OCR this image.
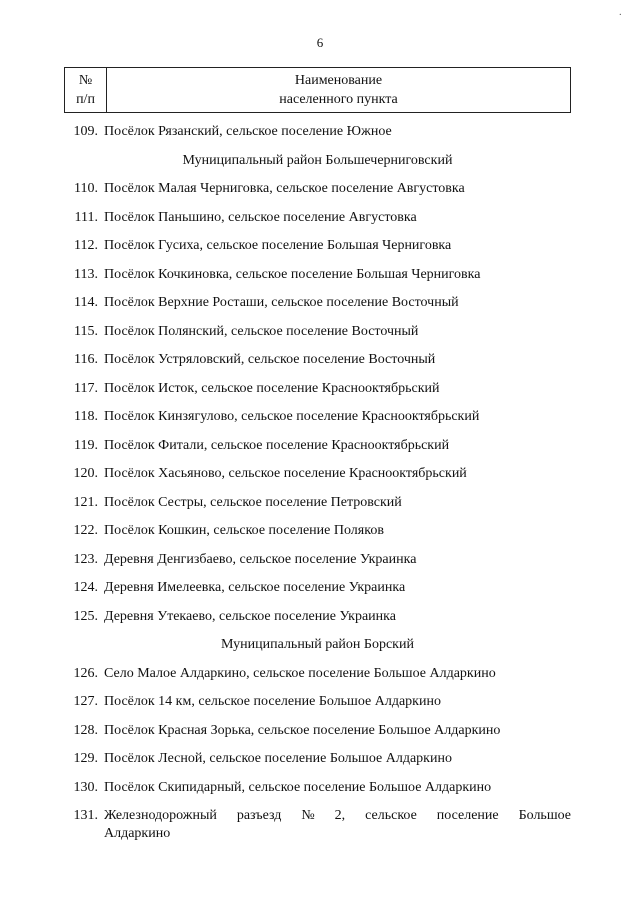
·
6
№
п/п
Наименование
населенного пункта
109. Посёлок Рязанский, сельское поселение Южное
Муниципальный район Большечерниговский
110. Посёлок Малая Черниговка, сельское поселение Августовка
111. Посёлок Паньшино, сельское поселение Августовка
112. Посёлок Гусиха, сельское поселение Большая Черниговка
113. Посёлок Кочкиновка, сельское поселение Большая Черниговка
114. Посёлок Верхние Росташи, сельское поселение Восточный
115. Посёлок Полянский, сельское поселение Восточный
116. Посёлок Устряловский, сельское поселение Восточный
117. Посёлок Исток, сельское поселение Краснооктябрьский
118. Посёлок Кинзягулово, сельское поселение Краснооктябрьский
119. Посёлок Фитали, сельское поселение Краснооктябрьский
120. Посёлок Хасьяново, сельское поселение Краснооктябрьский
121. Посёлок Сестры, сельское поселение Петровский
122. Посёлок Кошкин, сельское поселение Поляков
123. Деревня Денгизбаево, сельское поселение Украинка
124. Деревня Имелеевка, сельское поселение Украинка
125. Деревня Утекаево, сельское поселение Украинка
Муниципальный район Борский
126. Село Малое Алдаркино, сельское поселение Большое Алдаркино
127. Посёлок 14 км, сельское поселение Большое Алдаркино
128. Посёлок Красная Зорька, сельское поселение Большое Алдаркино
129. Посёлок Лесной, сельское поселение Большое Алдаркино
130. Посёлок Скипидарный, сельское поселение Большое Алдаркино
131. Железнодорожный разъезд № 2, сельское поселение Большое
Алдаркино
